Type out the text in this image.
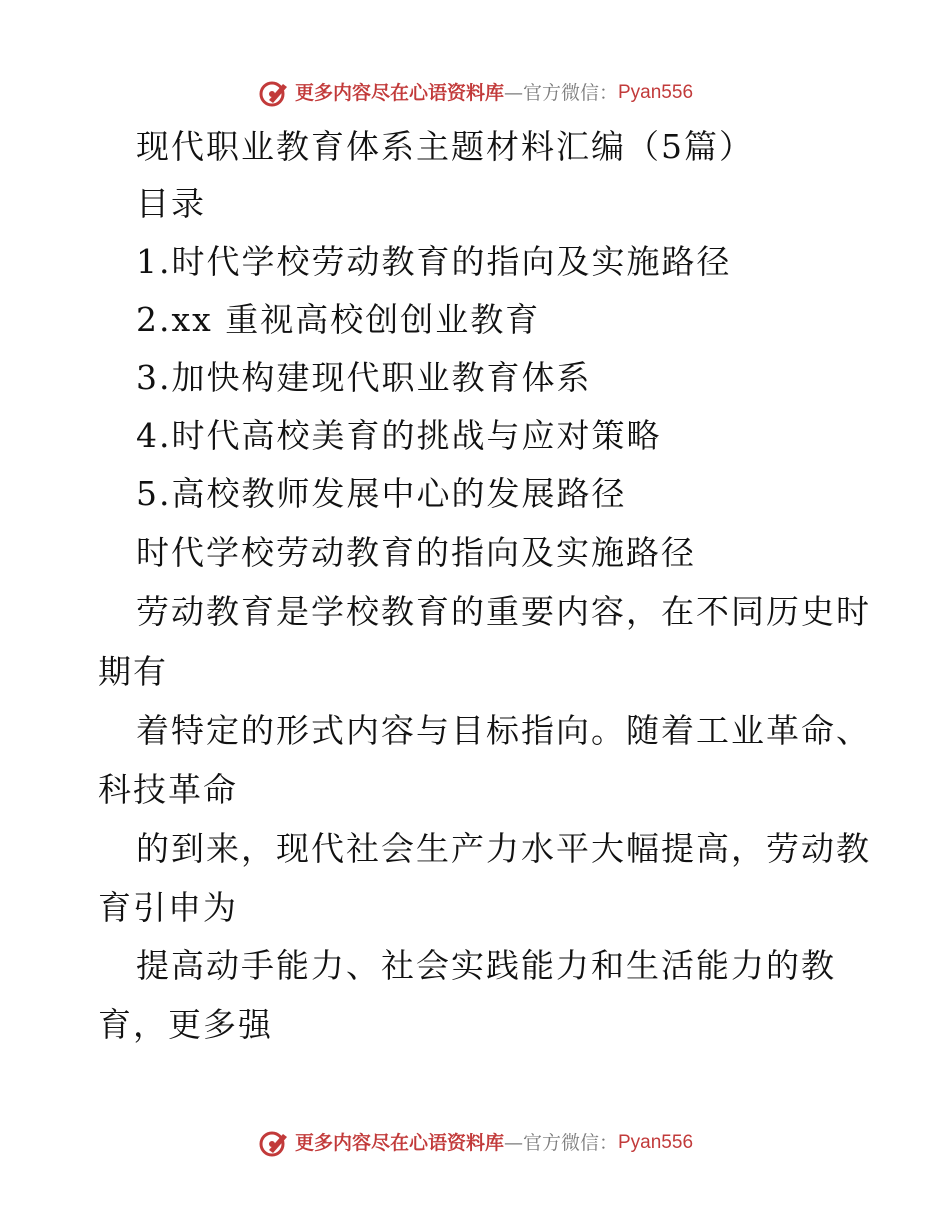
更多内容尽在心语资料库—官方微信：Pyan556
现代职业教育体系主题材料汇编（5篇）
目录
1.时代学校劳动教育的指向及实施路径
2.xx 重视高校创创业教育
3.加快构建现代职业教育体系
4.时代高校美育的挑战与应对策略
5.高校教师发展中心的发展路径
时代学校劳动教育的指向及实施路径
劳动教育是学校教育的重要内容，在不同历史时
期有
着特定的形式内容与目标指向。随着工业革命、
科技革命
的到来，现代社会生产力水平大幅提高，劳动教
育引申为
提高动手能力、社会实践能力和生活能力的教
育，更多强
更多内容尽在心语资料库—官方微信：Pyan556
